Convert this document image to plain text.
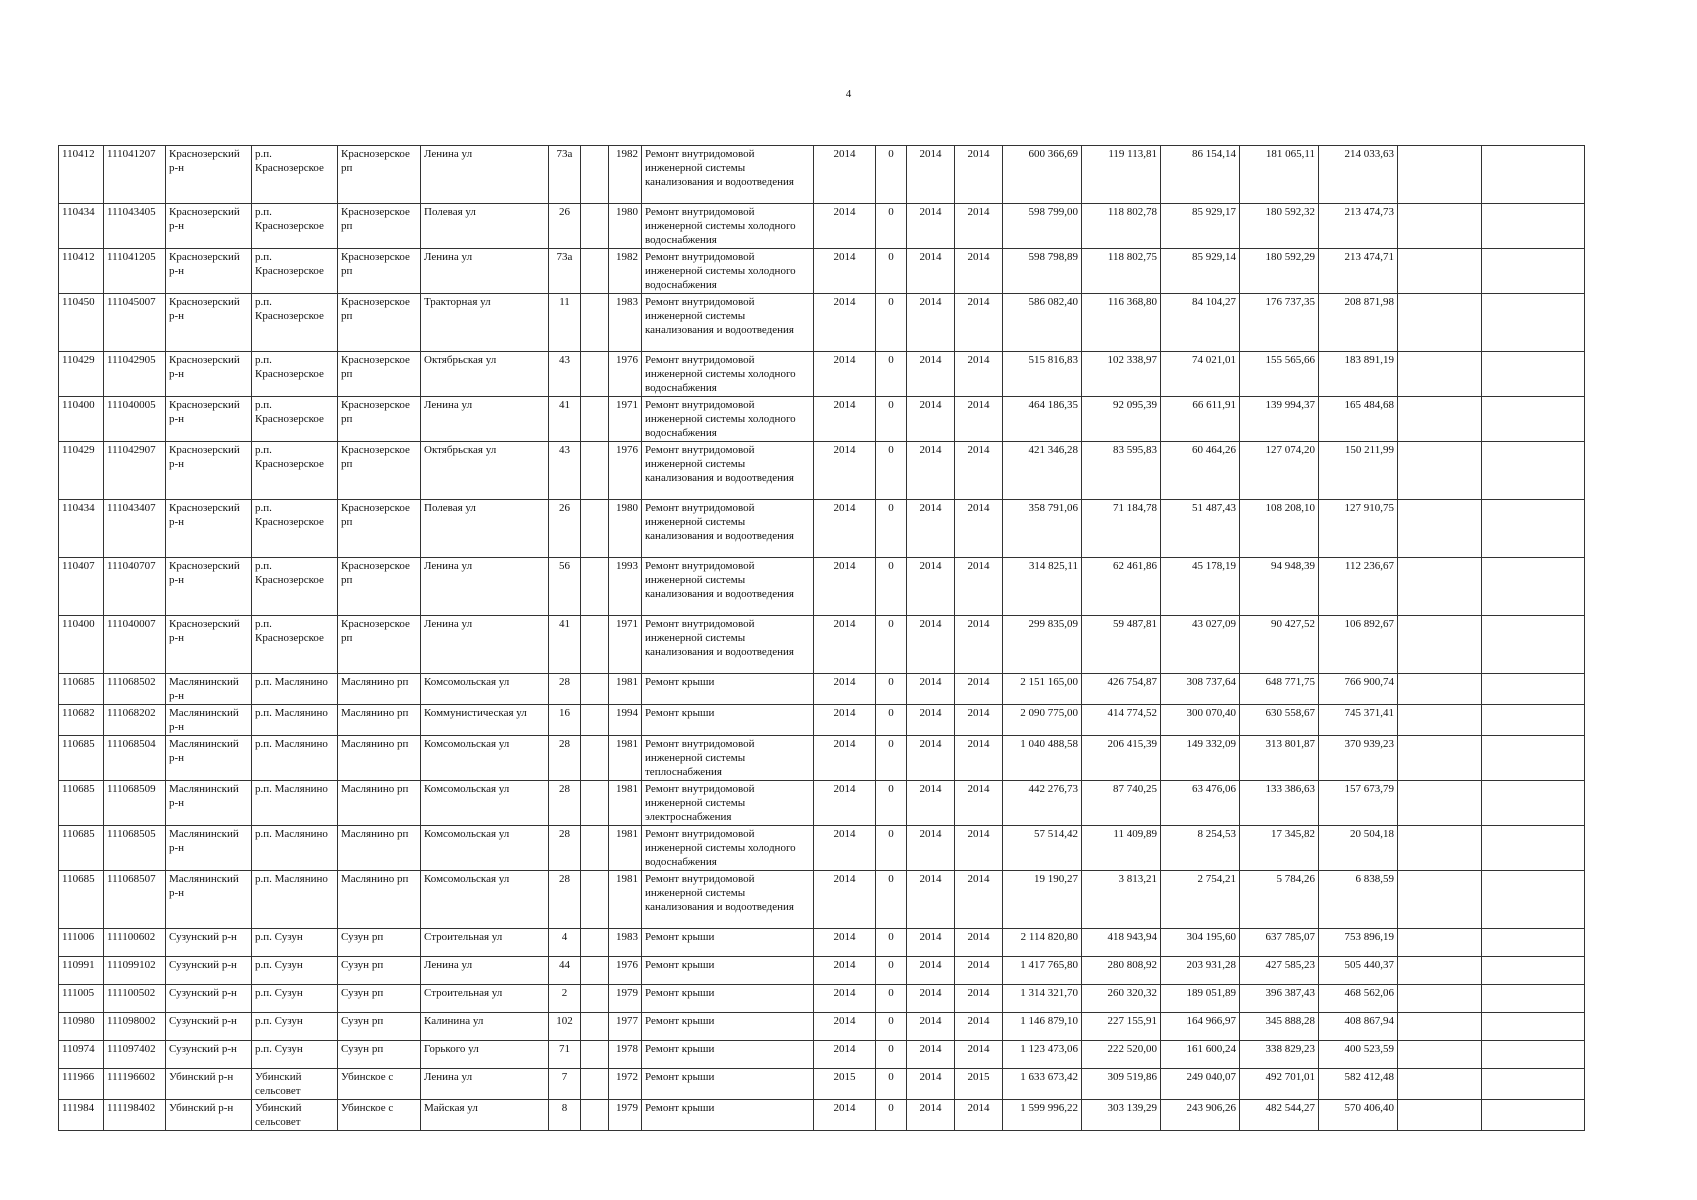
4
110412	111041207	Краснозерский р-н	р.п. Краснозерское	Краснозерское рп	Ленина ул	73а		1982	Ремонт внутридомовой инженерной системы канализования и водоотведения	2014	0	2014	2014	600 366,69	119 113,81	86 154,14	181 065,11	214 033,63		
110434	111043405	Краснозерский р-н	р.п. Краснозерское	Краснозерское рп	Полевая ул	26		1980	Ремонт внутридомовой инженерной системы холодного водоснабжения	2014	0	2014	2014	598 799,00	118 802,78	85 929,17	180 592,32	213 474,73		
110412	111041205	Краснозерский р-н	р.п. Краснозерское	Краснозерское рп	Ленина ул	73а		1982	Ремонт внутридомовой инженерной системы холодного водоснабжения	2014	0	2014	2014	598 798,89	118 802,75	85 929,14	180 592,29	213 474,71		
110450	111045007	Краснозерский р-н	р.п. Краснозерское	Краснозерское рп	Тракторная ул	11		1983	Ремонт внутридомовой инженерной системы канализования и водоотведения	2014	0	2014	2014	586 082,40	116 368,80	84 104,27	176 737,35	208 871,98		
110429	111042905	Краснозерский р-н	р.п. Краснозерское	Краснозерское рп	Октябрьская ул	43		1976	Ремонт внутридомовой инженерной системы холодного водоснабжения	2014	0	2014	2014	515 816,83	102 338,97	74 021,01	155 565,66	183 891,19		
110400	111040005	Краснозерский р-н	р.п. Краснозерское	Краснозерское рп	Ленина ул	41		1971	Ремонт внутридомовой инженерной системы холодного водоснабжения	2014	0	2014	2014	464 186,35	92 095,39	66 611,91	139 994,37	165 484,68		
110429	111042907	Краснозерский р-н	р.п. Краснозерское	Краснозерское рп	Октябрьская ул	43		1976	Ремонт внутридомовой инженерной системы канализования и водоотведения	2014	0	2014	2014	421 346,28	83 595,83	60 464,26	127 074,20	150 211,99		
110434	111043407	Краснозерский р-н	р.п. Краснозерское	Краснозерское рп	Полевая ул	26		1980	Ремонт внутридомовой инженерной системы канализования и водоотведения	2014	0	2014	2014	358 791,06	71 184,78	51 487,43	108 208,10	127 910,75		
110407	111040707	Краснозерский р-н	р.п. Краснозерское	Краснозерское рп	Ленина ул	56		1993	Ремонт внутридомовой инженерной системы канализования и водоотведения	2014	0	2014	2014	314 825,11	62 461,86	45 178,19	94 948,39	112 236,67		
110400	111040007	Краснозерский р-н	р.п. Краснозерское	Краснозерское рп	Ленина ул	41		1971	Ремонт внутридомовой инженерной системы канализования и водоотведения	2014	0	2014	2014	299 835,09	59 487,81	43 027,09	90 427,52	106 892,67		
110685	111068502	Маслянинский р-н	р.п. Маслянино	Маслянино рп	Комсомольская ул	28		1981	Ремонт крыши	2014	0	2014	2014	2 151 165,00	426 754,87	308 737,64	648 771,75	766 900,74		
110682	111068202	Маслянинский р-н	р.п. Маслянино	Маслянино рп	Коммунистическая ул	16		1994	Ремонт крыши	2014	0	2014	2014	2 090 775,00	414 774,52	300 070,40	630 558,67	745 371,41		
110685	111068504	Маслянинский р-н	р.п. Маслянино	Маслянино рп	Комсомольская ул	28		1981	Ремонт внутридомовой инженерной системы теплоснабжения	2014	0	2014	2014	1 040 488,58	206 415,39	149 332,09	313 801,87	370 939,23		
110685	111068509	Маслянинский р-н	р.п. Маслянино	Маслянино рп	Комсомольская ул	28		1981	Ремонт внутридомовой инженерной системы электроснабжения	2014	0	2014	2014	442 276,73	87 740,25	63 476,06	133 386,63	157 673,79		
110685	111068505	Маслянинский р-н	р.п. Маслянино	Маслянино рп	Комсомольская ул	28		1981	Ремонт внутридомовой инженерной системы холодного водоснабжения	2014	0	2014	2014	57 514,42	11 409,89	8 254,53	17 345,82	20 504,18		
110685	111068507	Маслянинский р-н	р.п. Маслянино	Маслянино рп	Комсомольская ул	28		1981	Ремонт внутридомовой инженерной системы канализования и водоотведения	2014	0	2014	2014	19 190,27	3 813,21	2 754,21	5 784,26	6 838,59		
111006	111100602	Сузунский р-н	р.п. Сузун	Сузун рп	Строительная ул	4		1983	Ремонт крыши	2014	0	2014	2014	2 114 820,80	418 943,94	304 195,60	637 785,07	753 896,19		
110991	111099102	Сузунский р-н	р.п. Сузун	Сузун рп	Ленина ул	44		1976	Ремонт крыши	2014	0	2014	2014	1 417 765,80	280 808,92	203 931,28	427 585,23	505 440,37		
111005	111100502	Сузунский р-н	р.п. Сузун	Сузун рп	Строительная ул	2		1979	Ремонт крыши	2014	0	2014	2014	1 314 321,70	260 320,32	189 051,89	396 387,43	468 562,06		
110980	111098002	Сузунский р-н	р.п. Сузун	Сузун рп	Калинина ул	102		1977	Ремонт крыши	2014	0	2014	2014	1 146 879,10	227 155,91	164 966,97	345 888,28	408 867,94		
110974	111097402	Сузунский р-н	р.п. Сузун	Сузун рп	Горького ул	71		1978	Ремонт крыши	2014	0	2014	2014	1 123 473,06	222 520,00	161 600,24	338 829,23	400 523,59		
111966	111196602	Убинский р-н	Убинский сельсовет	Убинское с	Ленина ул	7		1972	Ремонт крыши	2015	0	2014	2015	1 633 673,42	309 519,86	249 040,07	492 701,01	582 412,48		
111984	111198402	Убинский р-н	Убинский сельсовет	Убинское с	Майская ул	8		1979	Ремонт крыши	2014	0	2014	2014	1 599 996,22	303 139,29	243 906,26	482 544,27	570 406,40		
